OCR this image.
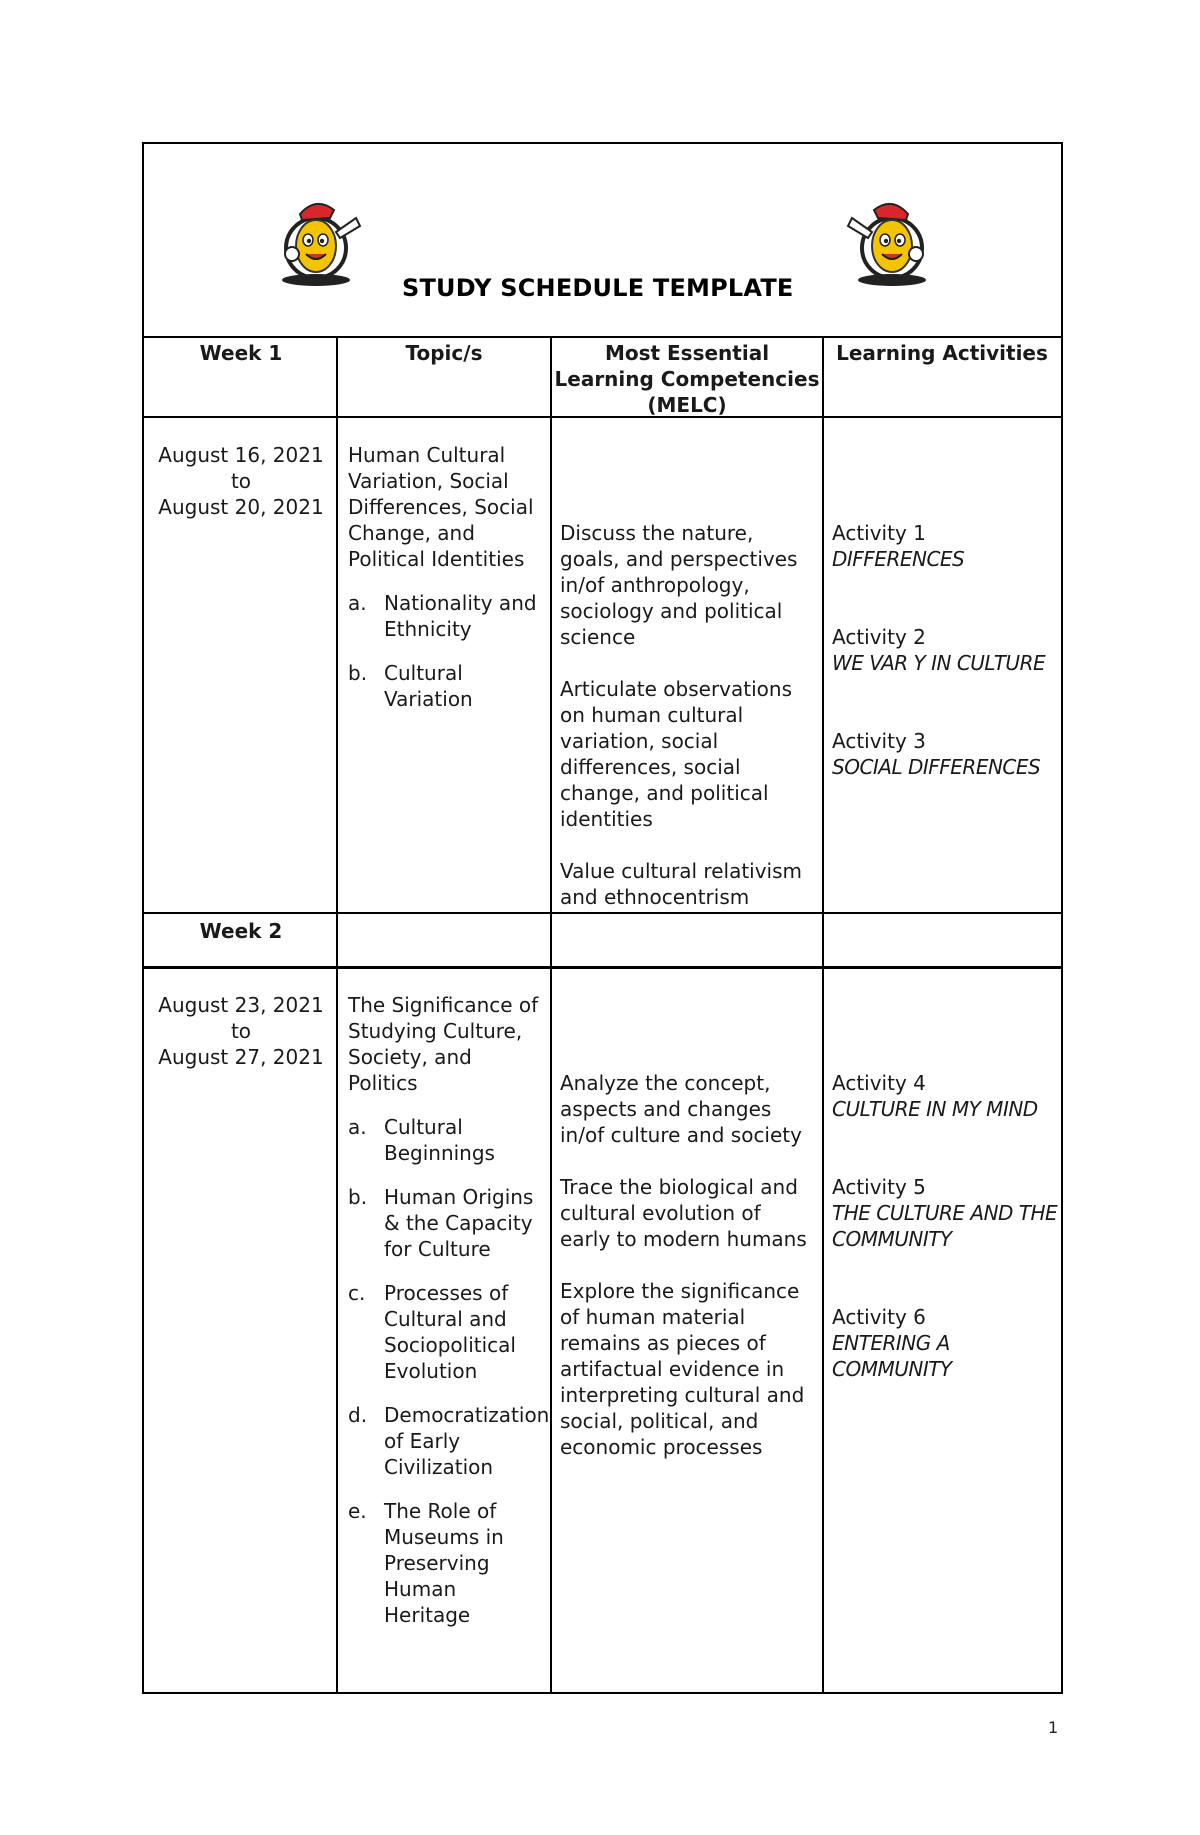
STUDY SCHEDULE TEMPLATE
Week 1	Topic/s	Most Essential Learning Competencies (MELC)
Learning Activities
August 16, 2021
to
August 20, 2021
Human Cultural Variation, Social Differences, Social Change, and Political Identities
a. Nationality and Ethnicity
b. Cultural Variation
Discuss the nature, goals, and perspectives in/of anthropology, sociology and political science
Articulate observations on human cultural variation, social differences, social change, and political identities
Value cultural relativism and ethnocentrism
Activity 1
DIFFERENCES
Activity 2
WE VAR Y IN CULTURE
Activity 3
SOCIAL DIFFERENCES
Week 2
August 23, 2021
to
August 27, 2021
The Significance of Studying Culture, Society, and Politics
a. Cultural Beginnings
b. Human Origins & the Capacity for Culture
c. Processes of Cultural and Sociopolitical Evolution
d. Democratization of Early Civilization
e. The Role of Museums in Preserving Human Heritage
Analyze the concept, aspects and changes in/of culture and society
Trace the biological and cultural evolution of early to modern humans
Explore the significance of human material remains as pieces of artifactual evidence in interpreting cultural and social, political, and economic processes
Activity 4
CULTURE IN MY MIND
Activity 5
THE CULTURE AND THE COMMUNITY
Activity 6
ENTERING A COMMUNITY
1
